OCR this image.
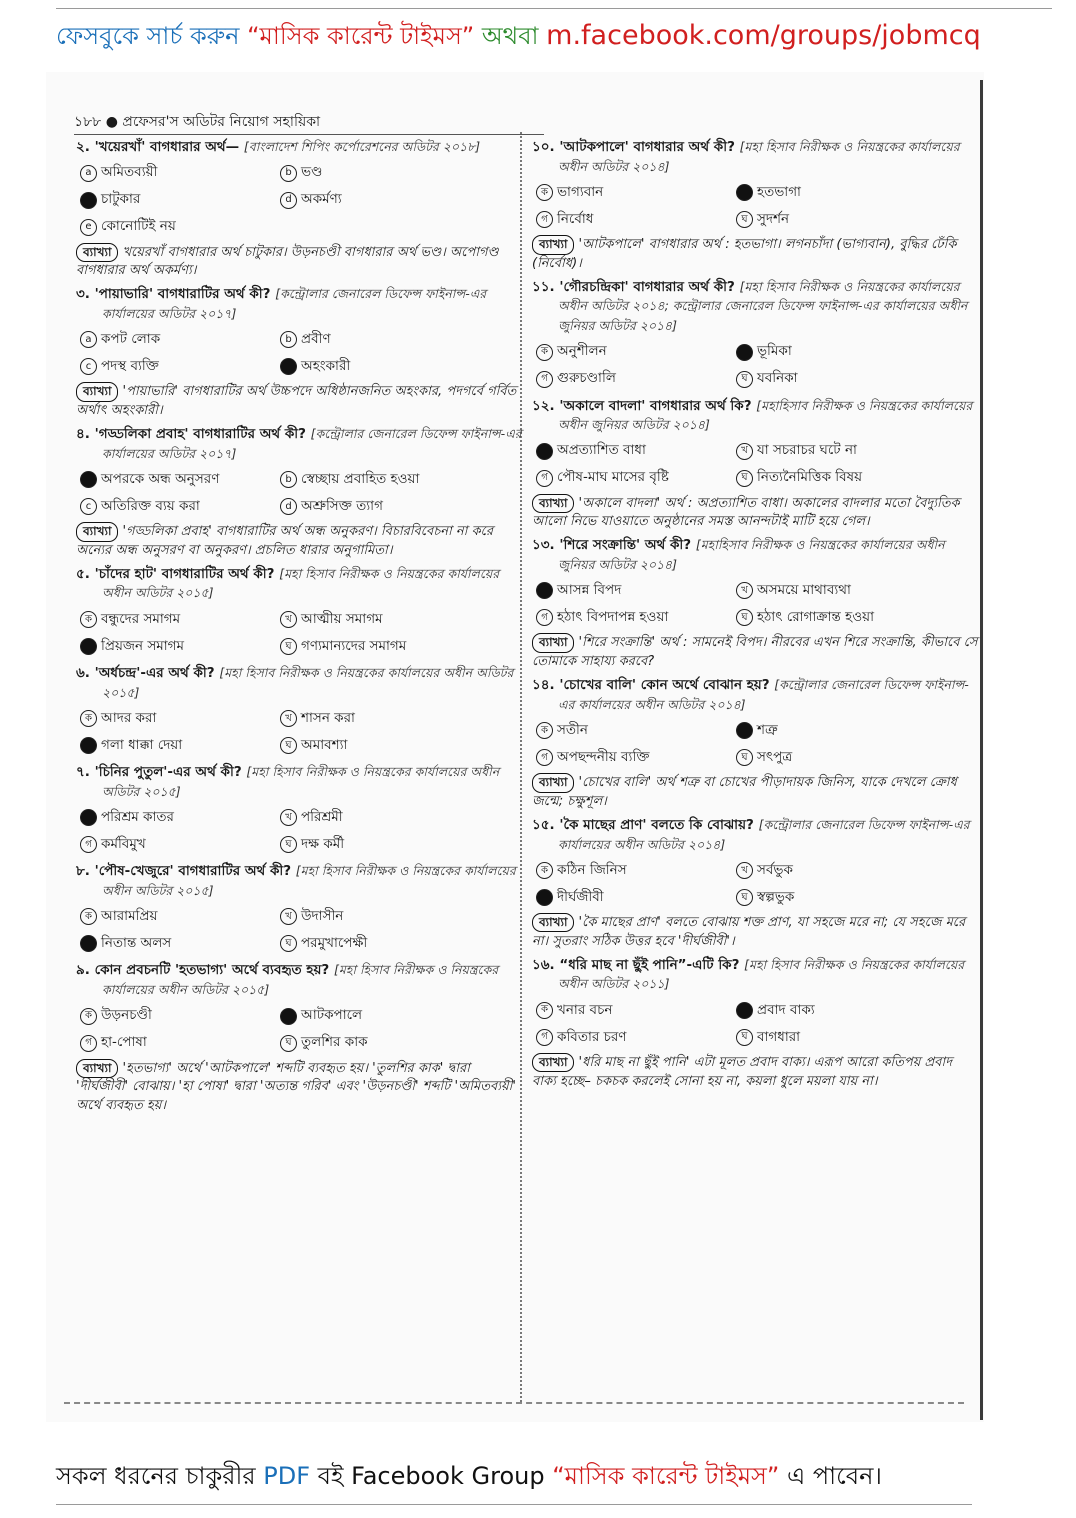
ফেসবুকে সার্চ করুন “মাসিক কারেন্ট টাইমস” অথবা m.facebook.com/groups/jobmcq
১৮৮ ● প্রফেসর'স অডিটর নিয়োগ সহায়িকা
২. 'খয়েরখাঁ' বাগধারার অর্থ— [বাংলাদেশ শিপিং কর্পোরেশনের অডিটর ২০১৮]
a অমিতব্যয়ী	b ভণ্ড
চাটুকার	d অকর্মণ্য
e কোনোটিই নয়
ব্যাখ্যা খয়েরখাঁ বাগধারার অর্থ চাটুকার। উড়নচণ্ডী বাগধারার অর্থ ভণ্ড। অপোগণ্ড বাগধারার অর্থ অকর্মণ্য।
৩. 'পায়াভারি' বাগধারাটির অর্থ কী? [কন্ট্রোলার জেনারেল ডিফেন্স ফাইনান্স-এর কার্যালয়ের অডিটর ২০১৭]
a কপট লোক	b প্রবীণ
c পদস্থ ব্যক্তি	অহংকারী
ব্যাখ্যা 'পায়াভারি' বাগধারাটির অর্থ উচ্চপদে অধিষ্ঠানজনিত অহংকার, পদগর্বে গর্বিত অর্থাৎ অহংকারী।
৪. 'গড্ডলিকা প্রবাহ' বাগধারাটির অর্থ কী? [কন্ট্রোলার জেনারেল ডিফেন্স ফাইনান্স-এর কার্যালয়ের অডিটর ২০১৭]
অপরকে অন্ধ অনুসরণ	b স্বেচ্ছায় প্রবাহিত হওয়া
c অতিরিক্ত ব্যয় করা	d অশ্রুসিক্ত ত্যাগ
ব্যাখ্যা 'গড্ডলিকা প্রবাহ' বাগধারাটির অর্থ অন্ধ অনুকরণ। বিচারবিবেচনা না করে অন্যের অন্ধ অনুসরণ বা অনুকরণ। প্রচলিত ধারার অনুগামিতা।
৫. 'চাঁদের হাট' বাগধারাটির অর্থ কী? [মহা হিসাব নিরীক্ষক ও নিয়ন্ত্রকের কার্যালয়ের অধীন অডিটর ২০১৫]
ক বন্ধুদের সমাগম	খ আত্মীয় সমাগম
প্রিয়জন সমাগম	ঘ গণ্যমান্যদের সমাগম
৬. 'অর্ধচন্দ্র'-এর অর্থ কী? [মহা হিসাব নিরীক্ষক ও নিয়ন্ত্রকের কার্যালয়ের অধীন অডিটর ২০১৫]
ক আদর করা	খ শাসন করা
গলা ধাক্কা দেয়া	ঘ অমাবশ্যা
৭. 'চিনির পুতুল'-এর অর্থ কী? [মহা হিসাব নিরীক্ষক ও নিয়ন্ত্রকের কার্যালয়ের অধীন অডিটর ২০১৫]
পরিশ্রম কাতর	খ পরিশ্রমী
গ কর্মবিমুখ	ঘ দক্ষ কর্মী
৮. 'পৌষ-খেজুরে' বাগধারাটির অর্থ কী? [মহা হিসাব নিরীক্ষক ও নিয়ন্ত্রকের কার্যালয়ের অধীন অডিটর ২০১৫]
ক আরামপ্রিয়	খ উদাসীন
নিতান্ত অলস	ঘ পরমুখাপেক্ষী
৯. কোন প্রবচনটি 'হতভাগ্য' অর্থে ব্যবহৃত হয়? [মহা হিসাব নিরীক্ষক ও নিয়ন্ত্রকের কার্যালয়ের অধীন অডিটর ২০১৫]
ক উড়নচণ্ডী	আটকপালে
গ হা-পোষা	ঘ তুলশির কাক
ব্যাখ্যা 'হতভাগ্য' অর্থে 'আটকপালে' শব্দটি ব্যবহৃত হয়। 'তুলশির কাক' দ্বারা 'দীর্ঘজীবী' বোঝায়। 'হা পোষা' দ্বারা 'অত্যন্ত গরিব' এবং 'উড়নচণ্ডী' শব্দটি 'অমিতব্যয়ী' অর্থে ব্যবহৃত হয়।
১০. 'আটকপালে' বাগধারার অর্থ কী? [মহা হিসাব নিরীক্ষক ও নিয়ন্ত্রকের কার্যালয়ের অধীন অডিটর ২০১৪]
ক ভাগ্যবান	হতভাগা
গ নির্বোধ	ঘ সুদর্শন
ব্যাখ্যা 'আটকপালে' বাগধারার অর্থ : হতভাগা। লগনচাঁদা (ভাগ্যবান), বুদ্ধির ঢেঁকি (নির্বোধ)।
১১. 'গৌরচন্দ্রিকা' বাগধারার অর্থ কী? [মহা হিসাব নিরীক্ষক ও নিয়ন্ত্রকের কার্যালয়ের অধীন অডিটর ২০১৪; কন্ট্রোলার জেনারেল ডিফেন্স ফাইনান্স-এর কার্যালয়ের অধীন জুনিয়র অডিটর ২০১৪]
ক অনুশীলন	ভূমিকা
গ গুরুচণ্ডালি	ঘ যবনিকা
১২. 'অকালে বাদলা' বাগধারার অর্থ কি? [মহাহিসাব নিরীক্ষক ও নিয়ন্ত্রকের কার্যালয়ের অধীন জুনিয়র অডিটর ২০১৪]
অপ্রত্যাশিত বাধা	খ যা সচরাচর ঘটে না
গ পৌষ-মাঘ মাসের বৃষ্টি	ঘ নিত্যনৈমিত্তিক বিষয়
ব্যাখ্যা 'অকালে বাদলা' অর্থ : অপ্রত্যাশিত বাধা। অকালের বাদলার মতো বৈদ্যুতিক আলো নিভে যাওয়াতে অনুষ্ঠানের সমস্ত আনন্দটাই মাটি হয়ে গেল।
১৩. 'শিরে সংক্রান্তি' অর্থ কী? [মহাহিসাব নিরীক্ষক ও নিয়ন্ত্রকের কার্যালয়ের অধীন জুনিয়র অডিটর ২০১৪]
আসন্ন বিপদ	খ অসময়ে মাথাব্যথা
গ হঠাৎ বিপদাপন্ন হওয়া	ঘ হঠাৎ রোগাক্রান্ত হওয়া
ব্যাখ্যা 'শিরে সংক্রান্তি' অর্থ : সামনেই বিপদ। নীরবের এখন শিরে সংক্রান্তি, কীভাবে সে তোমাকে সাহায্য করবে?
১৪. 'চোখের বালি' কোন অর্থে বোঝান হয়? [কন্ট্রোলার জেনারেল ডিফেন্স ফাইনান্স-এর কার্যালয়ের অধীন অডিটর ২০১৪]
ক সতীন	শত্রু
গ অপছন্দনীয় ব্যক্তি	ঘ সৎপুত্র
ব্যাখ্যা 'চোখের বালি' অর্থ শত্রু বা চোখের পীড়াদায়ক জিনিস, যাকে দেখলে ক্রোধ জন্মে; চক্ষুশূল।
১৫. 'কৈ মাছের প্রাণ' বলতে কি বোঝায়? [কন্ট্রোলার জেনারেল ডিফেন্স ফাইনান্স-এর কার্যালয়ের অধীন অডিটর ২০১৪]
ক কঠিন জিনিস	খ সর্বভুক
দীর্ঘজীবী	ঘ স্বল্পভুক
ব্যাখ্যা 'কৈ মাছের প্রাণ' বলতে বোঝায় শক্ত প্রাণ, যা সহজে মরে না; যে সহজে মরে না। সুতরাং সঠিক উত্তর হবে 'দীর্ঘজীবী'।
১৬. “ধরি মাছ না ছুঁই পানি”-এটি কি? [মহা হিসাব নিরীক্ষক ও নিয়ন্ত্রকের কার্যালয়ের অধীন অডিটর ২০১১]
ক খনার বচন	প্রবাদ বাক্য
গ কবিতার চরণ	ঘ বাগধারা
ব্যাখ্যা 'ধরি মাছ না ছুঁই পানি' এটা মূলত প্রবাদ বাক্য। এরূপ আরো কতিপয় প্রবাদ বাক্য হচ্ছে– চকচক করলেই সোনা হয় না, কয়লা ধুলে ময়লা যায় না।
সকল ধরনের চাকুরীর PDF বই Facebook Group “মাসিক কারেন্ট টাইমস” এ পাবেন।
